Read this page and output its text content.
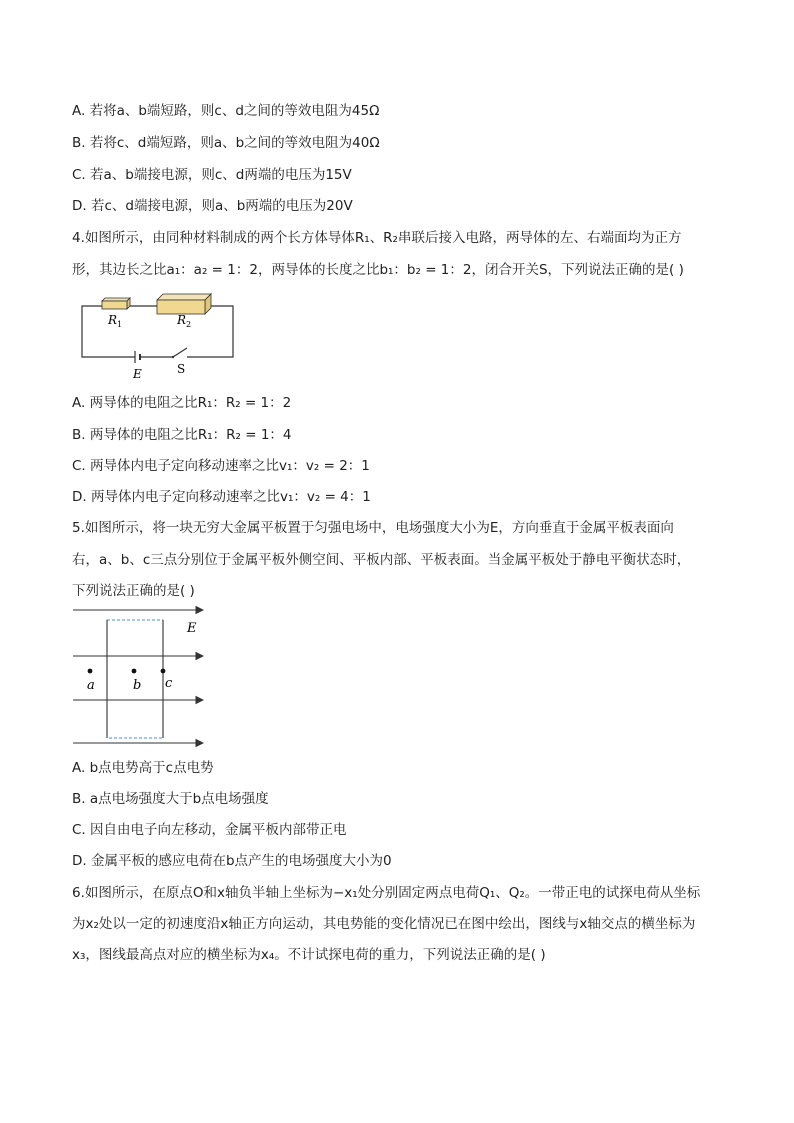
A. 若将a、b端短路，则c、d之间的等效电阻为45Ω
B. 若将c、d端短路，则a、b之间的等效电阻为40Ω
C. 若a、b端接电源，则c、d两端的电压为15V
D. 若c、d端接电源，则a、b两端的电压为20V
4.如图所示，由同种材料制成的两个长方体导体R₁、R₂串联后接入电路，两导体的左、右端面均为正方
形，其边长之比a₁：a₂ = 1：2，两导体的长度之比b₁：b₂ = 1：2，闭合开关S，下列说法正确的是( )
$R_1$	$R_2$
E	S
A. 两导体的电阻之比R₁：R₂ = 1：2
B. 两导体的电阻之比R₁：R₂ = 1：4
C. 两导体内电子定向移动速率之比v₁：v₂ = 2：1
D. 两导体内电子定向移动速率之比v₁：v₂ = 4：1
5.如图所示，将一块无穷大金属平板置于匀强电场中，电场强度大小为E，方向垂直于金属平板表面向
右，a、b、c三点分别位于金属平板外侧空间、平板内部、平板表面。当金属平板处于静电平衡状态时，
下列说法正确的是( )
E
a	b c
A. b点电势高于c点电势
B. a点电场强度大于b点电场强度
C. 因自由电子向左移动，金属平板内部带正电
D. 金属平板的感应电荷在b点产生的电场强度大小为0
6.如图所示，在原点O和x轴负半轴上坐标为−x₁处分别固定两点电荷Q₁、Q₂。一带正电的试探电荷从坐标
为x₂处以一定的初速度沿x轴正方向运动，其电势能的变化情况已在图中绘出，图线与x轴交点的横坐标为
x₃，图线最高点对应的横坐标为x₄。不计试探电荷的重力，下列说法正确的是( )
